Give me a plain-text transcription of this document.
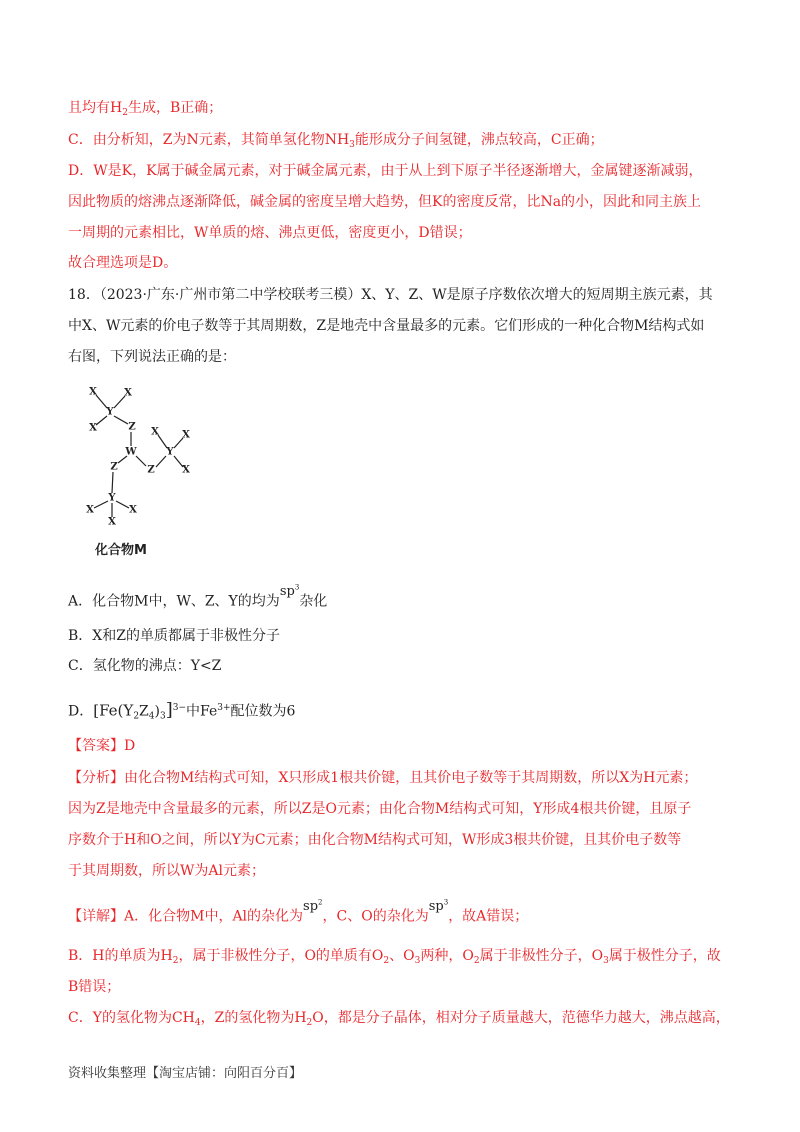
且均有$H_2$生成，B正确；
C．由分析知，Z为N元素，其简单氢化物$NH_3$能形成分子间氢键，沸点较高，C正确；
D．W是K，K属于碱金属元素，对于碱金属元素，由于从上到下原子半径逐渐增大，金属键逐渐减弱，
因此物质的熔沸点逐渐降低，碱金属的密度呈增大趋势，但K的密度反常，比Na的小，因此和同主族上
一周期的元素相比，W单质的熔、沸点更低，密度更小，D错误；
故合理选项是D。
18．（2023·广东·广州市第二中学校联考三模）X、Y、Z、W是原子序数依次增大的短周期主族元素，其
中X、W元素的价电子数等于其周期数，Z是地壳中含量最多的元素。它们形成的一种化合物M结构式如
右图，下列说法正确的是：
X	X
Y
X	Z
W
X X
Y
Z	X
Z
Y
X	X
X
化合物M
A．化合物M中，W、Z、Y的均为$sp^3$杂化
B．X和Z的单质都属于非极性分子
C．氢化物的沸点：Y<Z
D．$[Fe(Y_2Z_4)_3]^{3-}$中$Fe^{3+}$配位数为6
【答案】D
【分析】由化合物M结构式可知，X只形成1根共价键，且其价电子数等于其周期数，所以X为H元素；
因为Z是地壳中含量最多的元素，所以Z是O元素；由化合物M结构式可知，Y形成4根共价键，且原子
序数介于H和O之间，所以Y为C元素；由化合物M结构式可知，W形成3根共价键，且其价电子数等
于其周期数，所以W为Al元素；
【详解】A．化合物M中，Al的杂化为$sp^2$，C、O的杂化为$sp^3$，故A错误；
B．H的单质为$H_2$，属于非极性分子，O的单质有$O_2$、$O_3$两种，$O_2$属于非极性分子，$O_3$属于极性分子，故
B错误；
C．Y的氢化物为$CH_4$，Z的氢化物为$H_2O$，都是分子晶体，相对分子质量越大，范德华力越大，沸点越高，
资料收集整理【淘宝店铺：向阳百分百】
